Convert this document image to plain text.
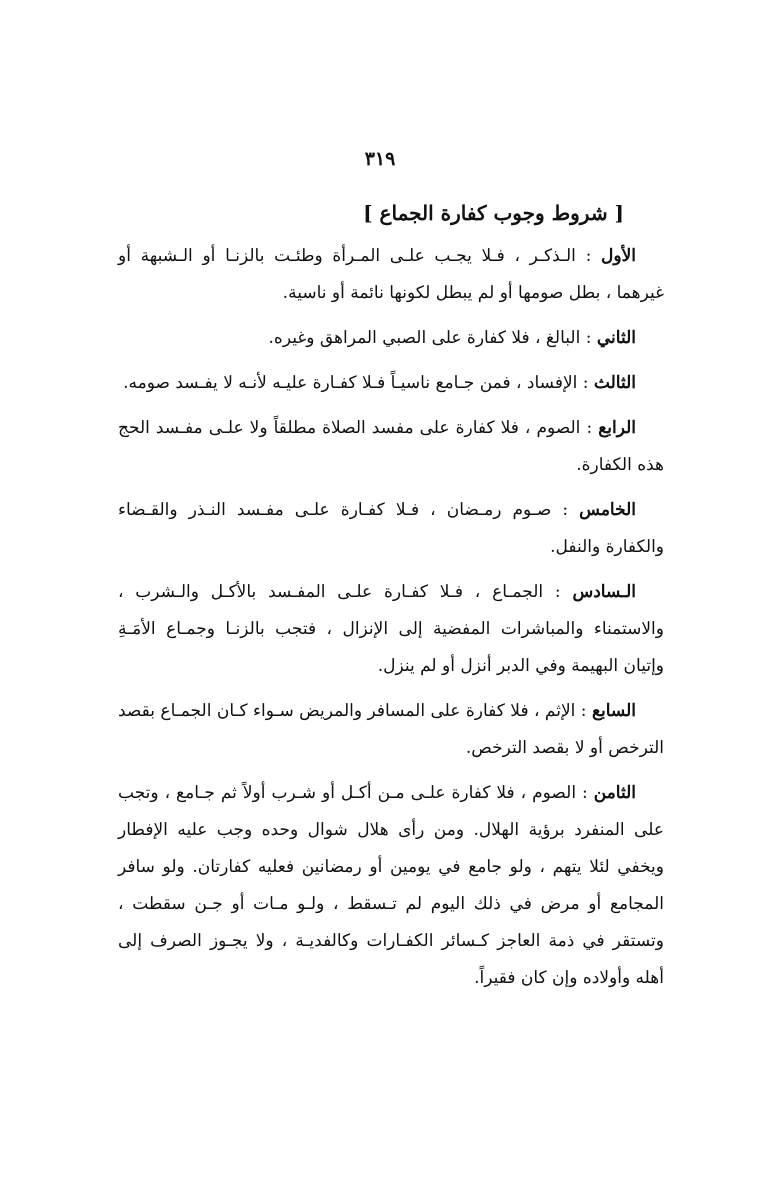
٣١٩
[ شروط وجوب كفارة الجماع ]

الأول : الـذكـر ، فـلا يجـب علـى المـرأة وطئـت بالزنـا أو الـشبهة أو غيرهما ، بطل صومها أو لم يبطل لكونها نائمة أو ناسية.

الثاني : البالغ ، فلا كفارة على الصبي المراهق وغيره.

الثالث : الإفساد ، فمن جـامع ناسيـاً فـلا كفـارة عليـه لأنـه لا يفـسد صومه.

الرابع : الصوم ، فلا كفارة على مفسد الصلاة مطلقاً ولا علـى مفـسد الحج هذه الكفارة.

الخامس : صـوم رمـضان ، فـلا كفـارة علـى مفـسد النـذر والقـضاء والكفارة والنفل.

الـسادس : الجمـاع ، فـلا كفـارة علـى المفـسد بالأكـل والـشرب ، والاستمناء والمباشرات المفضية إلى الإنزال ، فتجب بالزنـا وجمـاع الأمَـةِ وإتيان البهيمة وفي الدبر أنزل أو لم ينزل.

السابع : الإثم ، فلا كفارة على المسافر والمريض سـواء كـان الجمـاع بقصد الترخص أو لا بقصد الترخص.

الثامن : الصوم ، فلا كفارة علـى مـن أكـل أو شـرب أولاً ثم جـامع ، وتجب على المنفرد برؤية الهلال. ومن رأى هلال شوال وحده وجب عليه الإفطار ويخفي لئلا يتهم ، ولو جامع في يومين أو رمضانين فعليه كفارتان. ولو سافر المجامع أو مرض في ذلك اليوم لم تـسقط ، ولـو مـات أو جـن سقطت ، وتستقر في ذمة العاجز كـسائر الكفـارات وكالفديـة ، ولا يجـوز الصرف إلى أهله وأولاده وإن كان فقيراً.
